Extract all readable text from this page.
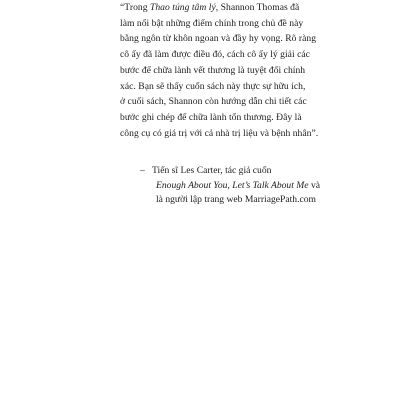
“Trong Thao túng tâm lý, Shannon Thomas đã
làm nổi bật những điểm chính trong chủ đề này
bằng ngôn từ khôn ngoan và đầy hy vọng. Rõ ràng
cô ấy đã làm được điều đó, cách cô ấy lý giải các
bước để chữa lành vết thương là tuyệt đối chính
xác. Bạn sẽ thấy cuốn sách này thực sự hữu ích,
ở cuối sách, Shannon còn hướng dẫn chi tiết các
bước ghi chép để chữa lành tổn thương. Đây là
công cụ có giá trị với cả nhà trị liệu và bệnh nhân”.
– Tiến sĩ Les Carter, tác giả cuốn
Enough About You, Let’s Talk About Me và
là người lập trang web MarriagePath.com
